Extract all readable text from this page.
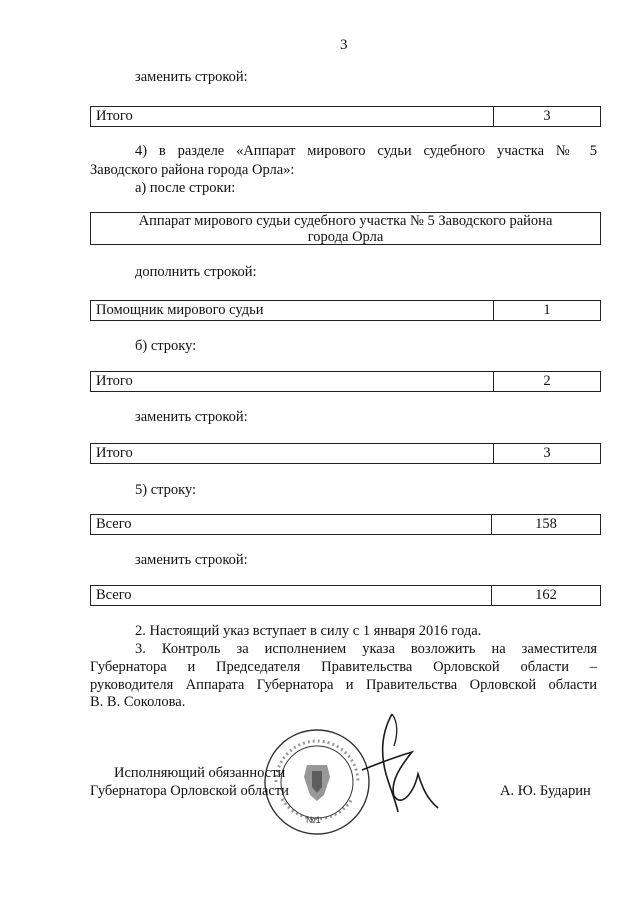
3
заменить строкой:
Итого	3
4) в разделе «Аппарат мирового судьи судебного участка № 5
Заводского района города Орла»:
а) после строки:
Аппарат мирового судьи судебного участка № 5 Заводского района
города Орла
дополнить строкой:
Помощник мирового судьи	1
б) строку:
Итого	2
заменить строкой:
Итого	3
5) строку:
Всего	158
заменить строкой:
Всего	162
2. Настоящий указ вступает в силу с 1 января 2016 года.
3. Контроль за исполнением указа возложить на заместителя
Губернатора и Председателя Правительства Орловской области –
руководителя Аппарата Губернатора и Правительства Орловской области
В. В. Соколова.
№1
Исполняющий обязанности
Губернатора Орловской области	А. Ю. Бударин
